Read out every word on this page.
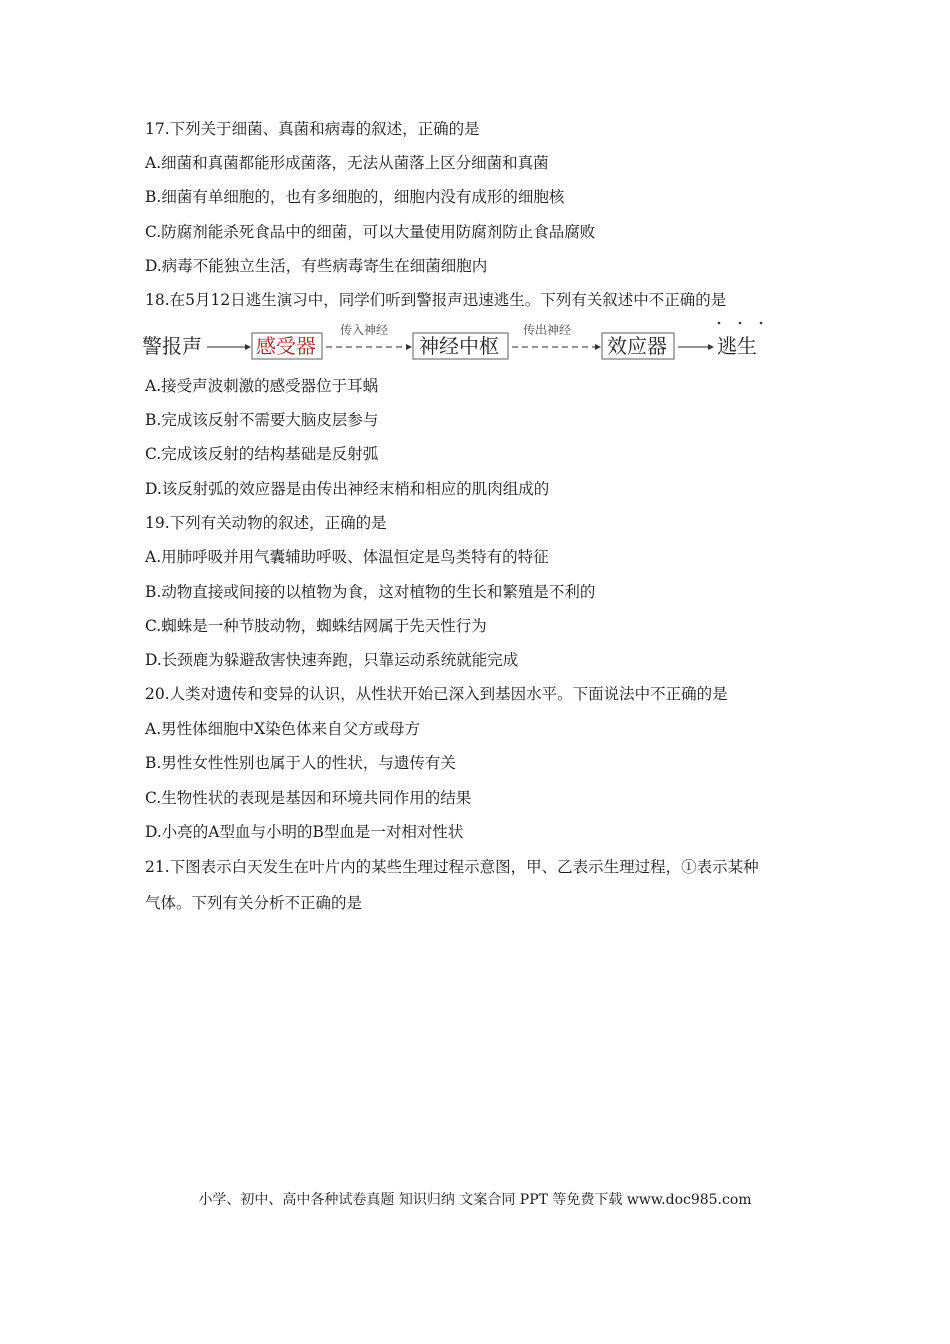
17.下列关于细菌、真菌和病毒的叙述，正确的是
A.细菌和真菌都能形成菌落，无法从菌落上区分细菌和真菌
B.细菌有单细胞的，也有多细胞的，细胞内没有成形的细胞核
C.防腐剂能杀死食品中的细菌，可以大量使用防腐剂防止食品腐败
D.病毒不能独立生活，有些病毒寄生在细菌细胞内
18.在5月12日逃生演习中，同学们听到警报声迅速逃生。下列有关叙述中不正确的是
警报声	感受器
传入神经
神经中枢
传出神经
效应器	逃生
A.接受声波刺激的感受器位于耳蜗
B.完成该反射不需要大脑皮层参与
C.完成该反射的结构基础是反射弧
D.该反射弧的效应器是由传出神经末梢和相应的肌肉组成的
19.下列有关动物的叙述，正确的是
A.用肺呼吸并用气囊辅助呼吸、体温恒定是鸟类特有的特征
B.动物直接或间接的以植物为食，这对植物的生长和繁殖是不利的
C.蜘蛛是一种节肢动物，蜘蛛结网属于先天性行为
D.长颈鹿为躲避敌害快速奔跑，只靠运动系统就能完成
20.人类对遗传和变异的认识，从性状开始已深入到基因水平。下面说法中不正确的是
A.男性体细胞中X染色体来自父方或母方
B.男性女性性别也属于人的性状，与遗传有关
C.生物性状的表现是基因和环境共同作用的结果
D.小亮的A型血与小明的B型血是一对相对性状
21.下图表示白天发生在叶片内的某些生理过程示意图，甲、乙表示生理过程，①表示某种
气体。下列有关分析不正确的是
小学、初中、高中各种试卷真题 知识归纳 文案合同 PPT 等免费下载 www.doc985.com
